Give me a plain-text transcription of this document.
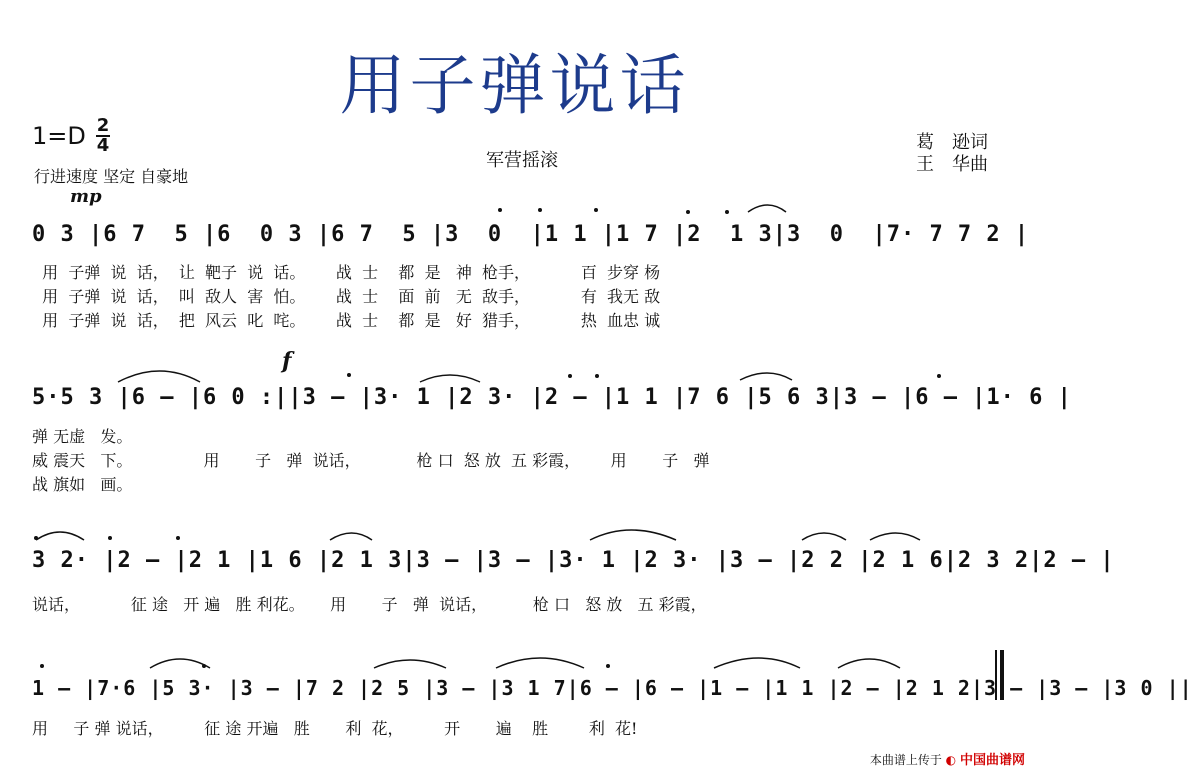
用子弹说话
1=D 2
4
行进速度 坚定 自豪地
军营摇滚
葛　逊词
王　华曲
mp
f
0 3 |6 7  5 |6  0 3 |6 7  5 |3  0  |1 1 |1 7 |2  1 3|3  0  |7· 7 7 2 |
用  子弹  说  话，  让  靶子  说  话。      战  士    都  是   神  枪手，          百  步穿 杨
用  子弹  说  话，  叫  敌人  害  怕。      战  士    面  前   无  敌手，          有  我无 敌
用  子弹  说  话，  把  风云  叱  咤。      战  士    都  是   好  猎手，          热  血忠 诚
5·5 3 |6 – |6 0 :||3 – |3· 1 |2 3· |2 – |1 1 |7 6 |5 6 3|3 – |6 – |1· 6 |
弹 无虚   发。
威 震天   下。              用       子   弹  说话，           枪 口  怒 放  五 彩霞，      用       子   弹
战 旗如   画。
3 2· |2 – |2 1 |1 6 |2 1 3|3 – |3 – |3· 1 |2 3· |3 – |2 2 |2 1 6|2 3 2|2 – |
说话，          征 途   开 遍   胜 利花。     用       子   弹  说话，         枪 口   怒 放   五 彩霞，
1 – |7·6 |5 3· |3 – |7 2 |2 5 |3 – |3 1 7|6 – |6 – |1 – |1 1 |2 – |2 1 2|3 – |3 – |3 0 ||
用     子 弹 说话，        征 途 开遍   胜       利  花，        开       遍    胜        利  花!
本曲谱上传于 ◐ 中国曲谱网
